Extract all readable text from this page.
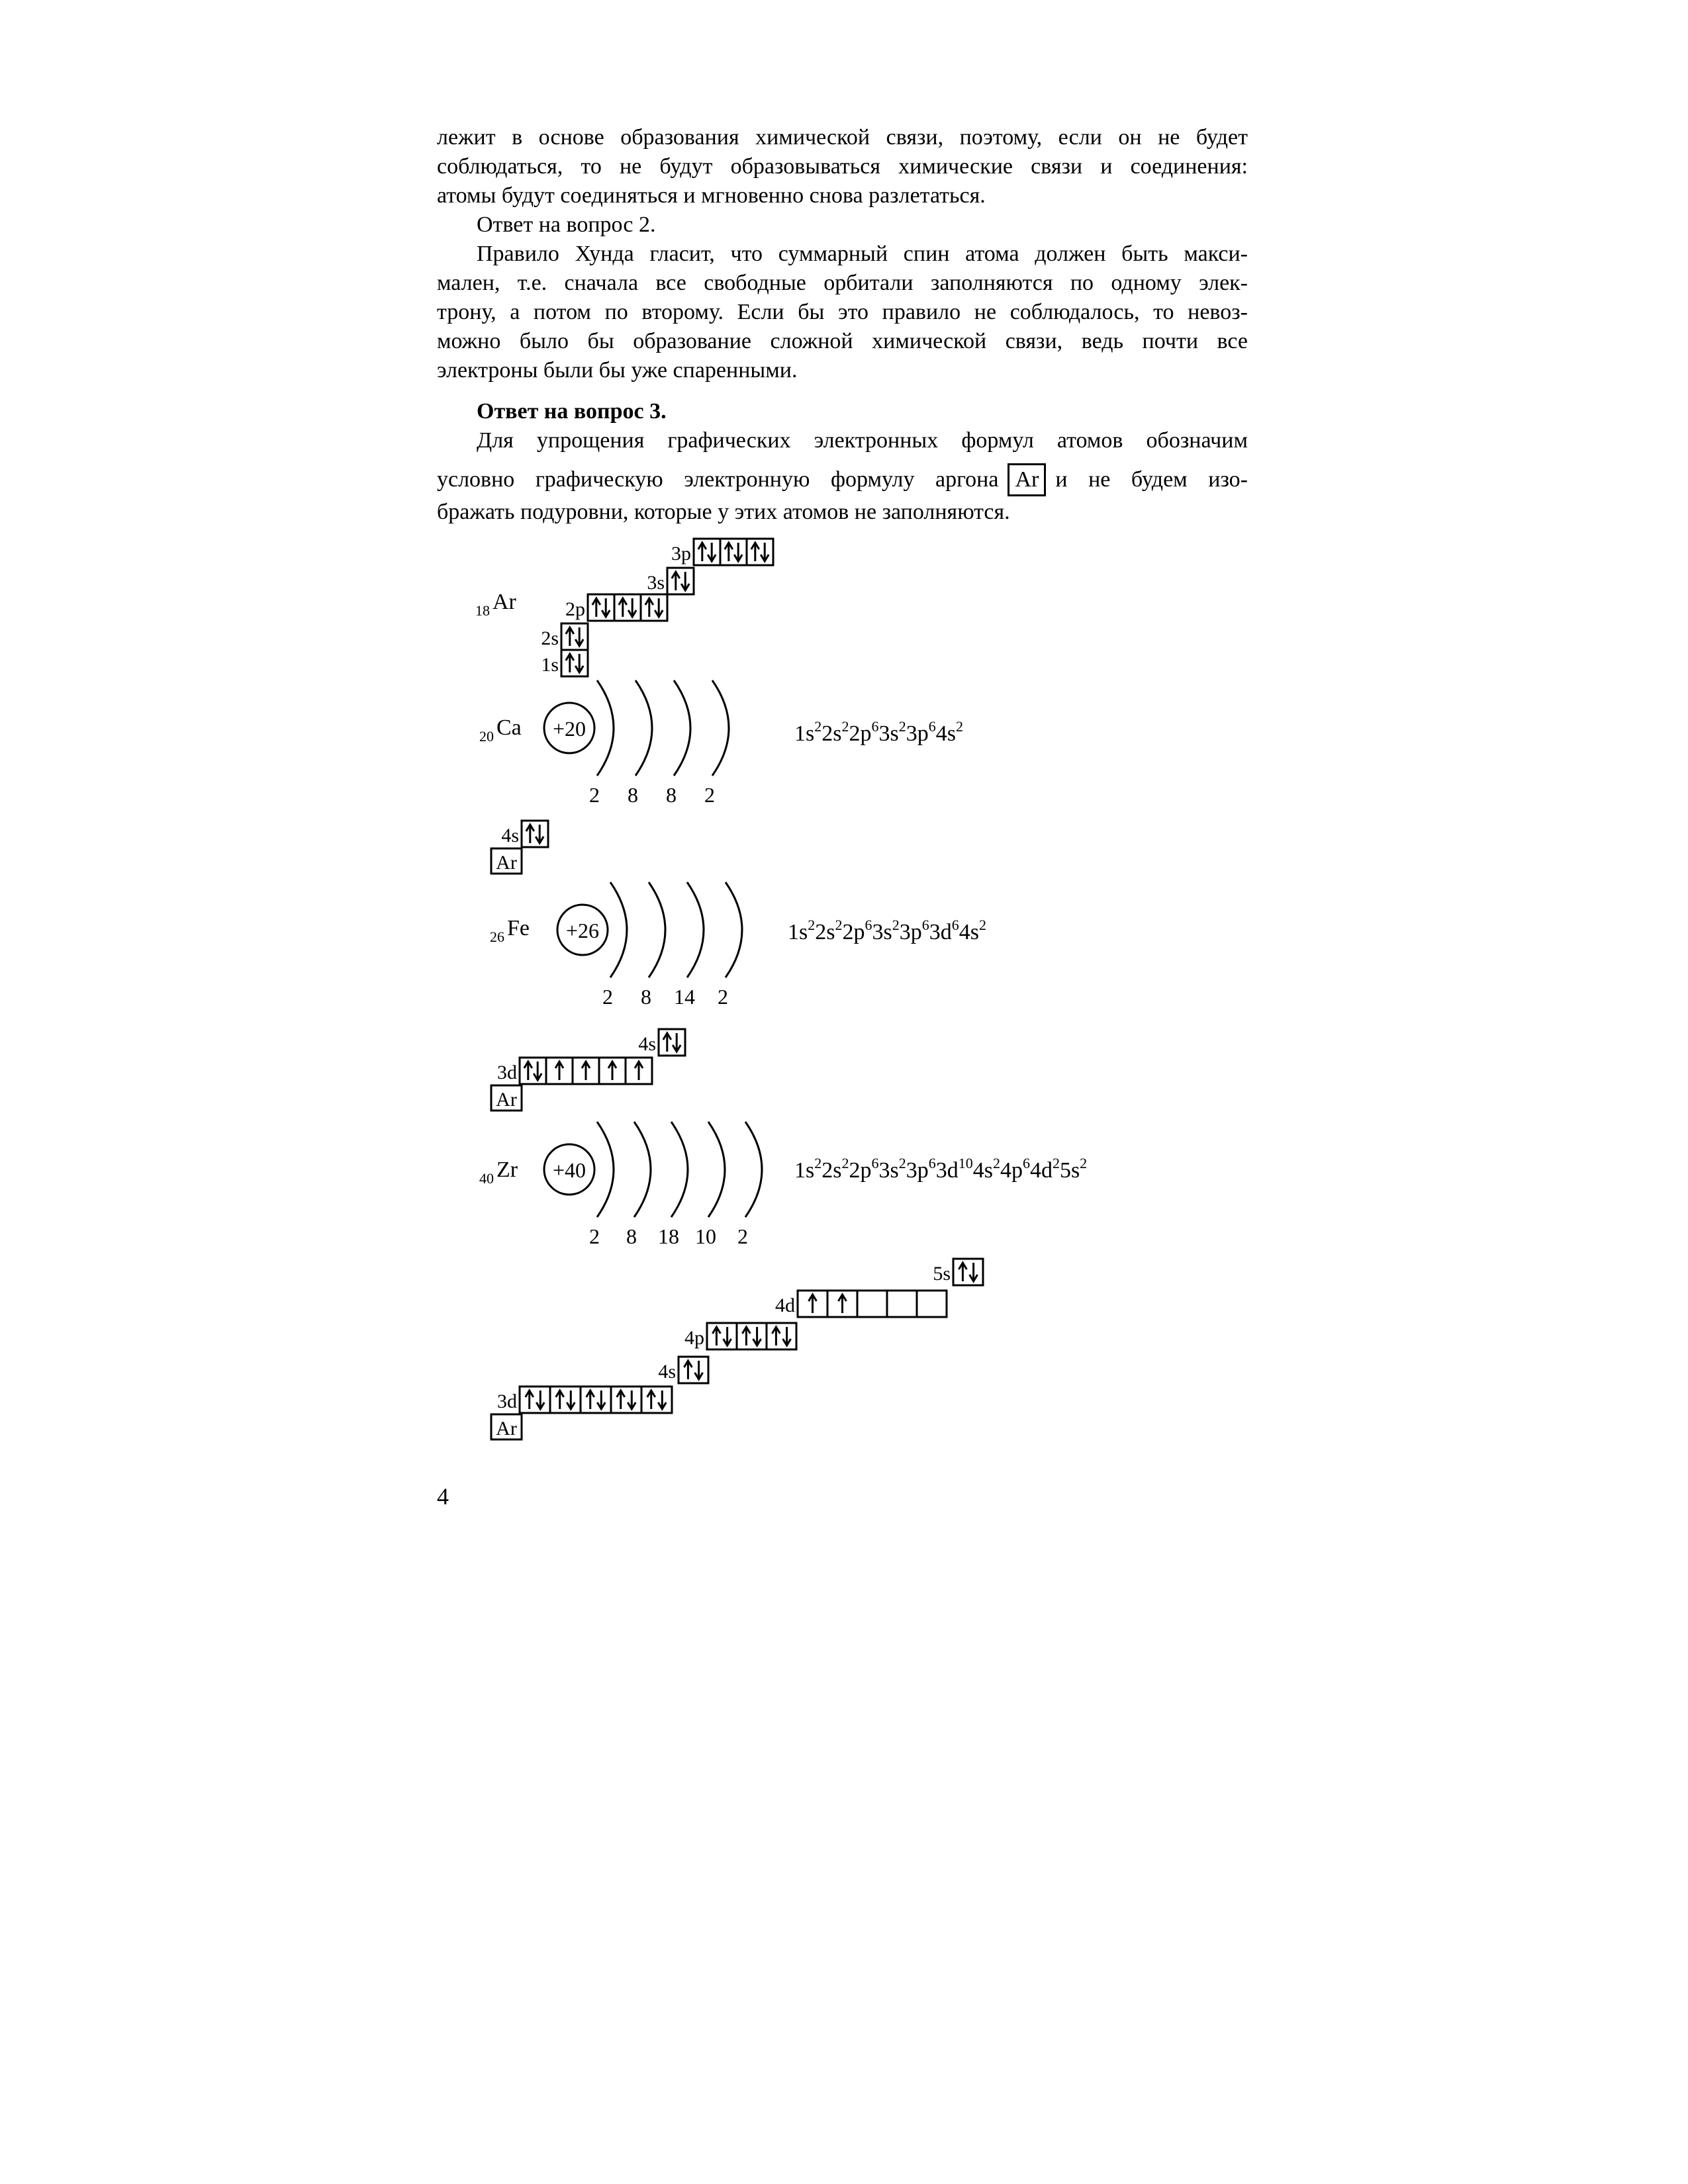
лежит в основе образования химической связи, поэтому, если он не будет

соблюдаться, то не будут образовываться химические связи и соединения:

атомы будут соединяться и мгновенно снова разлетаться.

Ответ на вопрос 2.

Правило Хунда гласит, что суммарный спин атома должен быть макси-

мален, т.е. сначала все свободные орбитали заполняются по одному элек-

трону, а потом по второму. Если бы это правило не соблюдалось, то невоз-

можно было бы образование сложной химической связи, ведь почти все

электроны были бы уже спаренными.

Ответ на вопрос 3.

Для упрощения графических электронных формул атомов обозначим

условно графическую электронную формулу аргона Ar и не будем изо-

бражать подуровни, которые у этих атомов не заполняются.

18 Ar
1s
2s
2p
3s
3p
20 Ca +20
2 8 8 2
4s
Ar
26 Fe +26
2 8 14 2
3d
4s
Ar
40 Zr +40
2 8 18 10 2
3d
4s
4p
4d
5s
Ar
$1s^22s^22p^63s^23p^64s^2$
$1s^22s^22p^63s^23p^63d^64s^2$
$1s^22s^22p^63s^23p^63d^{10}4s^24p^64d^25s^2$
4
